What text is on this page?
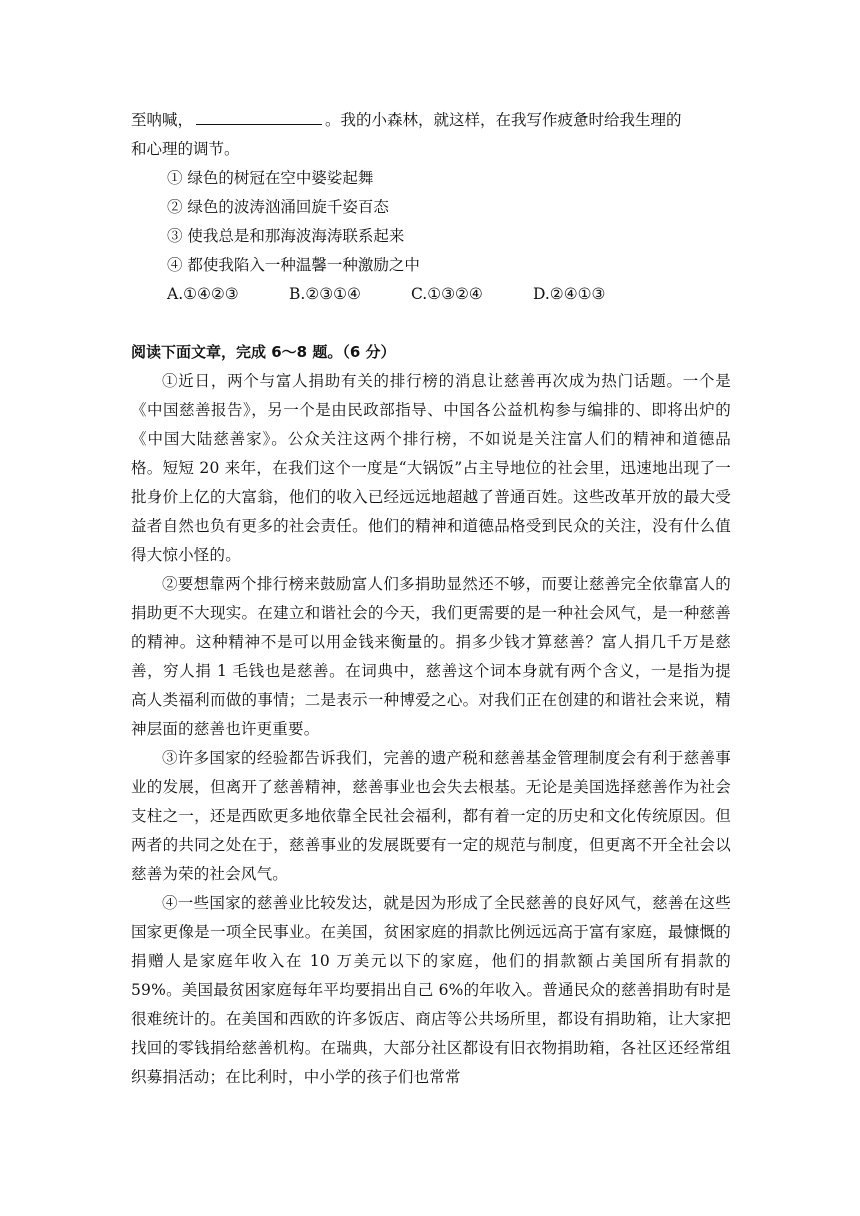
至呐喊，	。我的小森林，就这样，在我写作疲惫时给我生理的

和心理的调节。

① 绿色的树冠在空中婆娑起舞

② 绿色的波涛汹涌回旋千姿百态

③ 使我总是和那海波海涛联系起来

④ 都使我陷入一种温馨一种激励之中

A.①④②③	B.②③①④	C.①③②④	D.②④①③

阅读下面文章，完成 6～8 题。（6 分）

①近日，两个与富人捐助有关的排行榜的消息让慈善再次成为热门话题。一个是《中国慈善报告》，另一个是由民政部指导、中国各公益机构参与编排的、即将出炉的《中国大陆慈善家》。公众关注这两个排行榜，不如说是关注富人们的精神和道德品格。短短 20 来年，在我们这个一度是“大锅饭”占主导地位的社会里，迅速地出现了一批身价上亿的大富翁，他们的收入已经远远地超越了普通百姓。这些改革开放的最大受益者自然也负有更多的社会责任。他们的精神和道德品格受到民众的关注，没有什么值得大惊小怪的。

②要想靠两个排行榜来鼓励富人们多捐助显然还不够，而要让慈善完全依靠富人的捐助更不大现实。在建立和谐社会的今天，我们更需要的是一种社会风气，是一种慈善的精神。这种精神不是可以用金钱来衡量的。捐多少钱才算慈善？富人捐几千万是慈善，穷人捐 1 毛钱也是慈善。在词典中，慈善这个词本身就有两个含义，一是指为提高人类福利而做的事情；二是表示一种博爱之心。对我们正在创建的和谐社会来说，精神层面的慈善也许更重要。

③许多国家的经验都告诉我们，完善的遗产税和慈善基金管理制度会有利于慈善事业的发展，但离开了慈善精神，慈善事业也会失去根基。无论是美国选择慈善作为社会支柱之一，还是西欧更多地依靠全民社会福利，都有着一定的历史和文化传统原因。但两者的共同之处在于，慈善事业的发展既要有一定的规范与制度，但更离不开全社会以慈善为荣的社会风气。

④一些国家的慈善业比较发达，就是因为形成了全民慈善的良好风气，慈善在这些国家更像是一项全民事业。在美国，贫困家庭的捐款比例远远高于富有家庭，最慷慨的捐赠人是家庭年收入在 10 万美元以下的家庭，他们的捐款额占美国所有捐款的 59%。美国最贫困家庭每年平均要捐出自己 6%的年收入。普通民众的慈善捐助有时是很难统计的。在美国和西欧的许多饭店、商店等公共场所里，都设有捐助箱，让大家把找回的零钱捐给慈善机构。在瑞典，大部分社区都设有旧衣物捐助箱，各社区还经常组织募捐活动；在比利时，中小学的孩子们也常常
